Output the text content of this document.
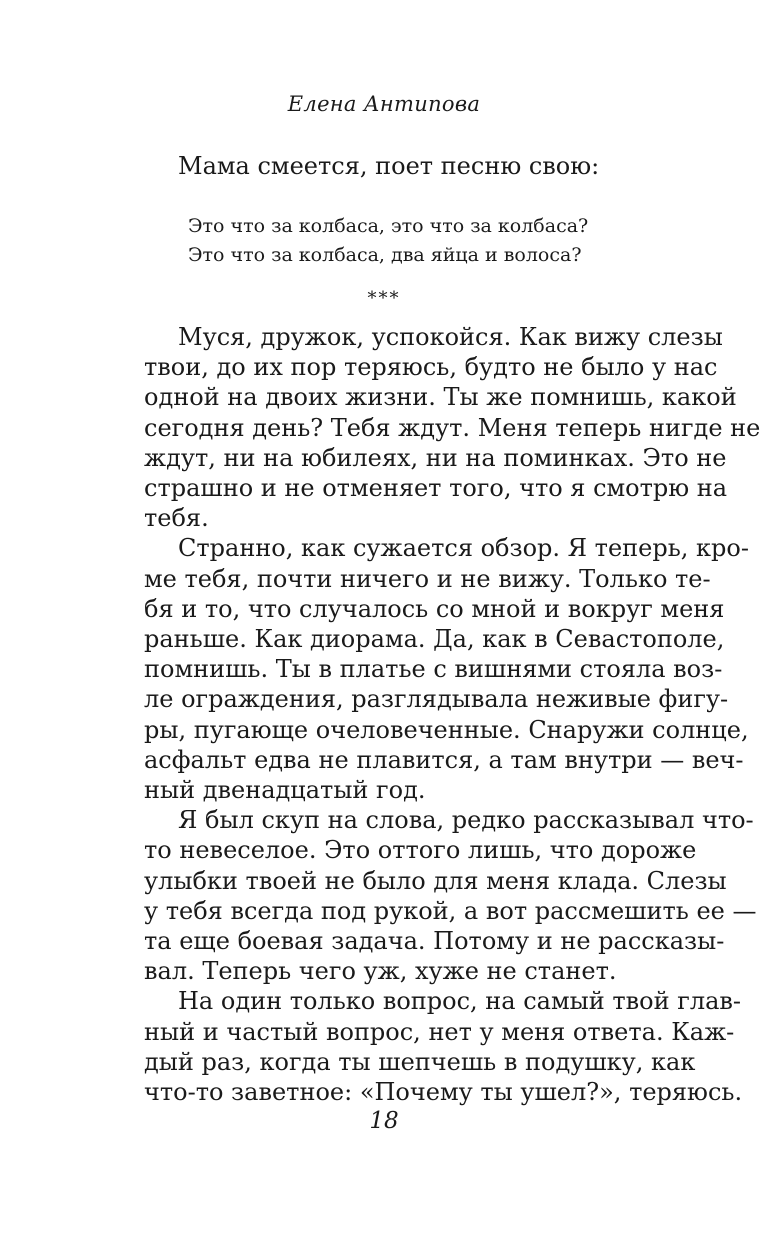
Елена Антипова
Мама смеется, поет песню свою:
Это что за колбаса, это что за колбаса?
Это что за колбаса, два яйца и волоса?
***
Муся, дружок, успокойся. Как вижу слезы
твои, до их пор теряюсь, будто не было у нас
одной на двоих жизни. Ты же помнишь, какой
сегодня день? Тебя ждут. Меня теперь нигде не
ждут, ни на юбилеях, ни на поминках. Это не
страшно и не отменяет того, что я смотрю на
тебя.
Странно, как сужается обзор. Я теперь, кро-
ме тебя, почти ничего и не вижу. Только те-
бя и то, что случалось со мной и вокруг меня
раньше. Как диорама. Да, как в Севастополе,
помнишь. Ты в платье с вишнями стояла воз-
ле ограждения, разглядывала неживые фигу-
ры, пугающе очеловеченные. Снаружи солнце,
асфальт едва не плавится, а там внутри — веч-
ный двенадцатый год.
Я был скуп на слова, редко рассказывал что-
то невеселое. Это оттого лишь, что дороже
улыбки твоей не было для меня клада. Слезы
у тебя всегда под рукой, а вот рассмешить ее —
та еще боевая задача. Потому и не рассказы-
вал. Теперь чего уж, хуже не станет.
На один только вопрос, на самый твой глав-
ный и частый вопрос, нет у меня ответа. Каж-
дый раз, когда ты шепчешь в подушку, как
что-то заветное: «Почему ты ушел?», теряюсь.
18
